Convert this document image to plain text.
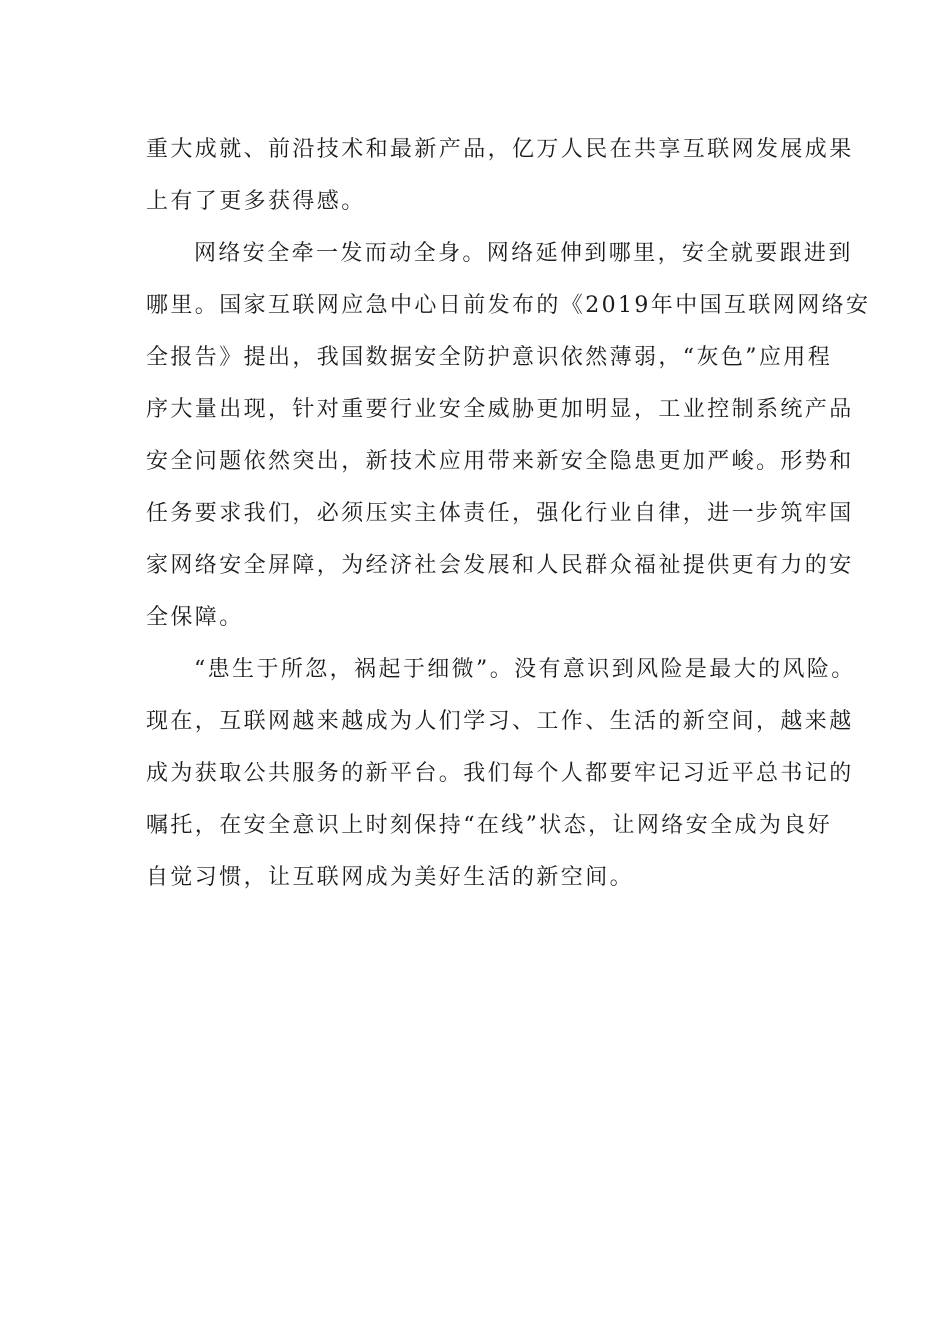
重大成就、前沿技术和最新产品，亿万人民在共享互联网发展成果
上有了更多获得感。
网络安全牵一发而动全身。网络延伸到哪里，安全就要跟进到
哪里。国家互联网应急中心日前发布的《2019年中国互联网网络安
全报告》提出，我国数据安全防护意识依然薄弱，“灰色”应用程
序大量出现，针对重要行业安全威胁更加明显，工业控制系统产品
安全问题依然突出，新技术应用带来新安全隐患更加严峻。形势和
任务要求我们，必须压实主体责任，强化行业自律，进一步筑牢国
家网络安全屏障，为经济社会发展和人民群众福祉提供更有力的安
全保障。
“患生于所忽，祸起于细微”。没有意识到风险是最大的风险。
现在，互联网越来越成为人们学习、工作、生活的新空间，越来越
成为获取公共服务的新平台。我们每个人都要牢记习近平总书记的
嘱托，在安全意识上时刻保持“在线”状态，让网络安全成为良好
自觉习惯，让互联网成为美好生活的新空间。
